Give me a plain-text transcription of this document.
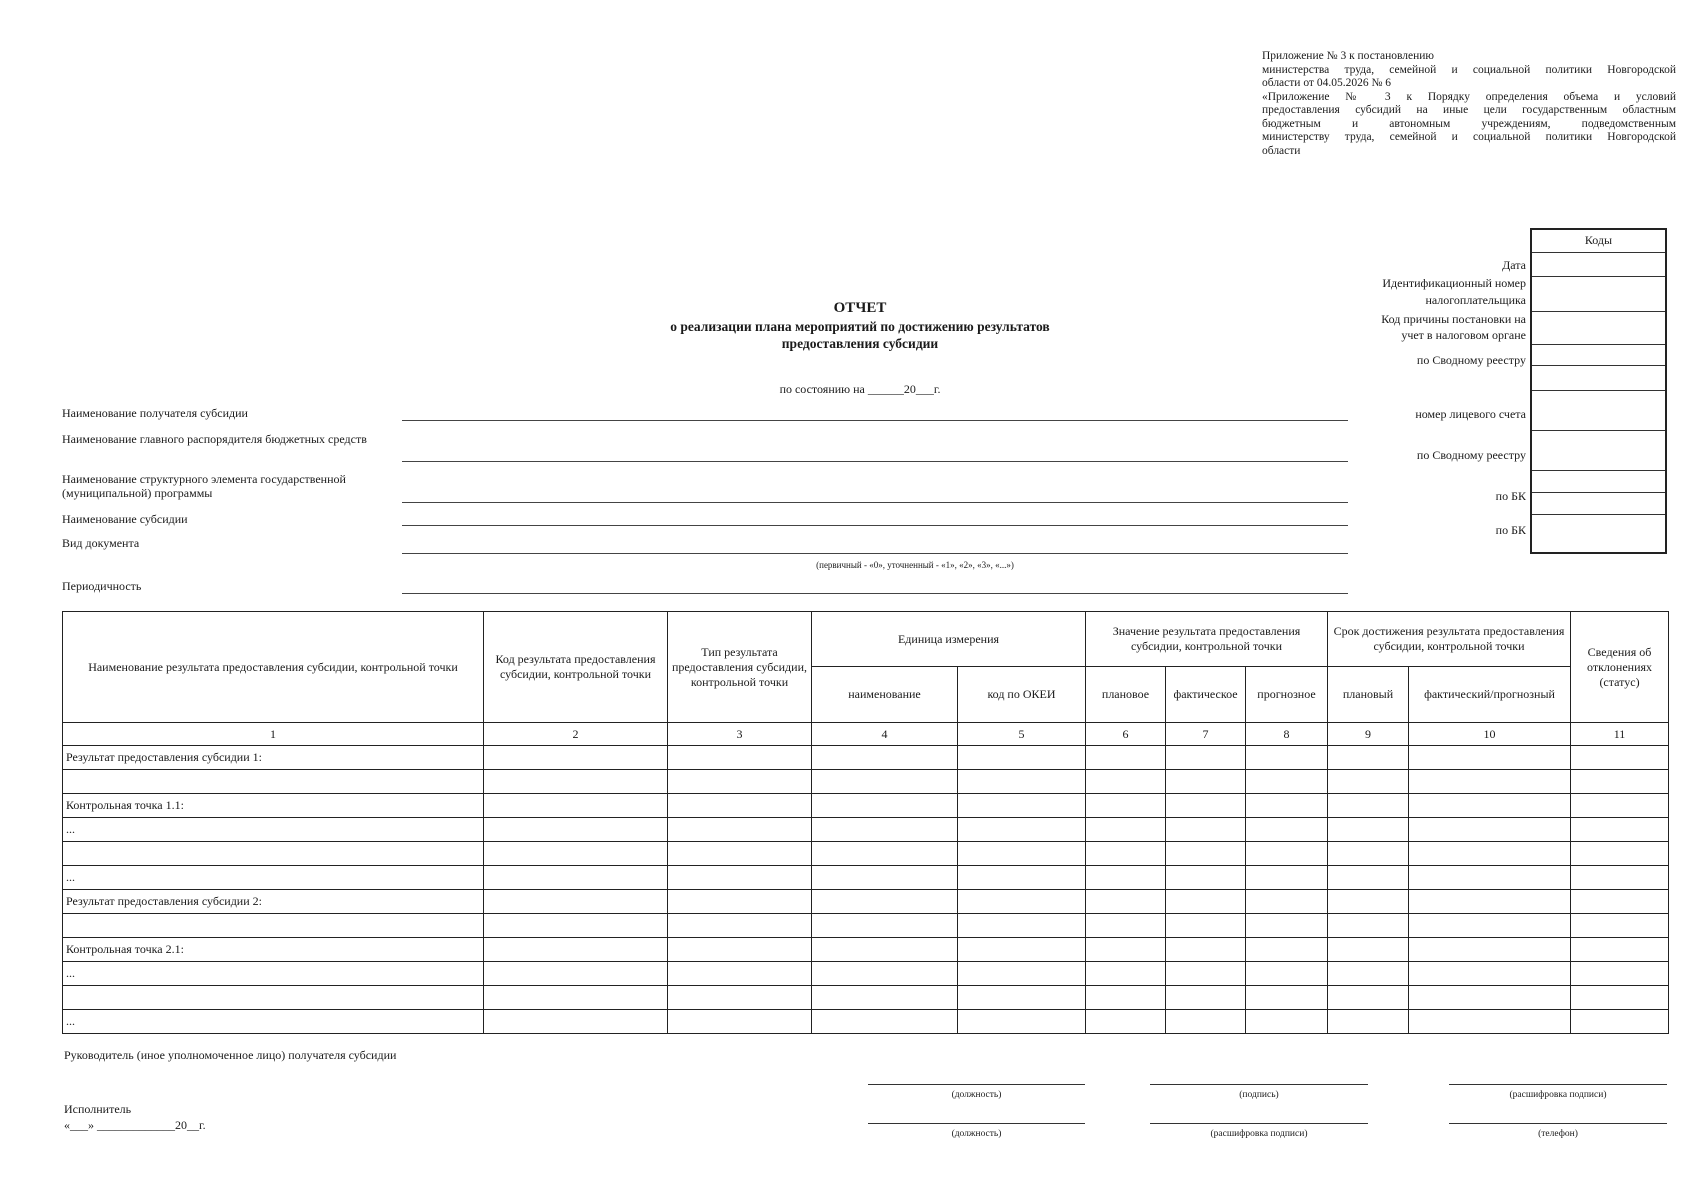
Приложение № 3 к постановлению
министерства труда, семейной и социальной политики Новгородской
области от 04.05.2026 № 6
«Приложение № 3 к Порядку определения объема и условий
предоставления субсидий на иные цели государственным областным
бюджетным и автономным учреждениям, подведомственным
министерству труда, семейной и социальной политики Новгородской
области
ОТЧЕТ
о реализации плана мероприятий по достижению результатов
предоставления субсидии
по состоянию на ______20___г.
Дата
Идентификационный номер
налогоплательщика
Код причины постановки на
учет в налоговом органе
по Сводному реестру
номер лицевого счета
по Сводному реестру
по БК
по БК
Коды
Наименование получателя субсидии
Наименование главного распорядителя бюджетных средств
Наименование структурного элемента государственной (муниципальной) программы
Наименование субсидии
Вид документа
(первичный - «0», уточненный - «1», «2», «3», «...»)
Периодичность
Наименование результата предоставления субсидии, контрольной точки	Код результата предоставления субсидии, контрольной точки	Тип результата предоставления субсидии, контрольной точки	Единица измерения		Значение результата предоставления субсидии, контрольной точки			Срок достижения результата предоставления субсидии, контрольной точки		Сведения об отклонениях (статус)
			наименование	код по ОКЕИ	плановое	фактическое	прогнозное	плановый	фактический/прогнозный	
1	2	3	4	5	6	7	8	9	10	11
Результат предоставления субсидии 1:										

Контрольная точка 1.1:										
...										

...										
Результат предоставления субсидии 2:										

Контрольная точка 2.1:										
...										

...										
Руководитель (иное уполномоченное лицо) получателя субсидии
Исполнитель
«___» _____________20__г.
(должность)	(подпись)	(расшифровка подписи)
(должность)	(расшифровка подписи)	(телефон)
